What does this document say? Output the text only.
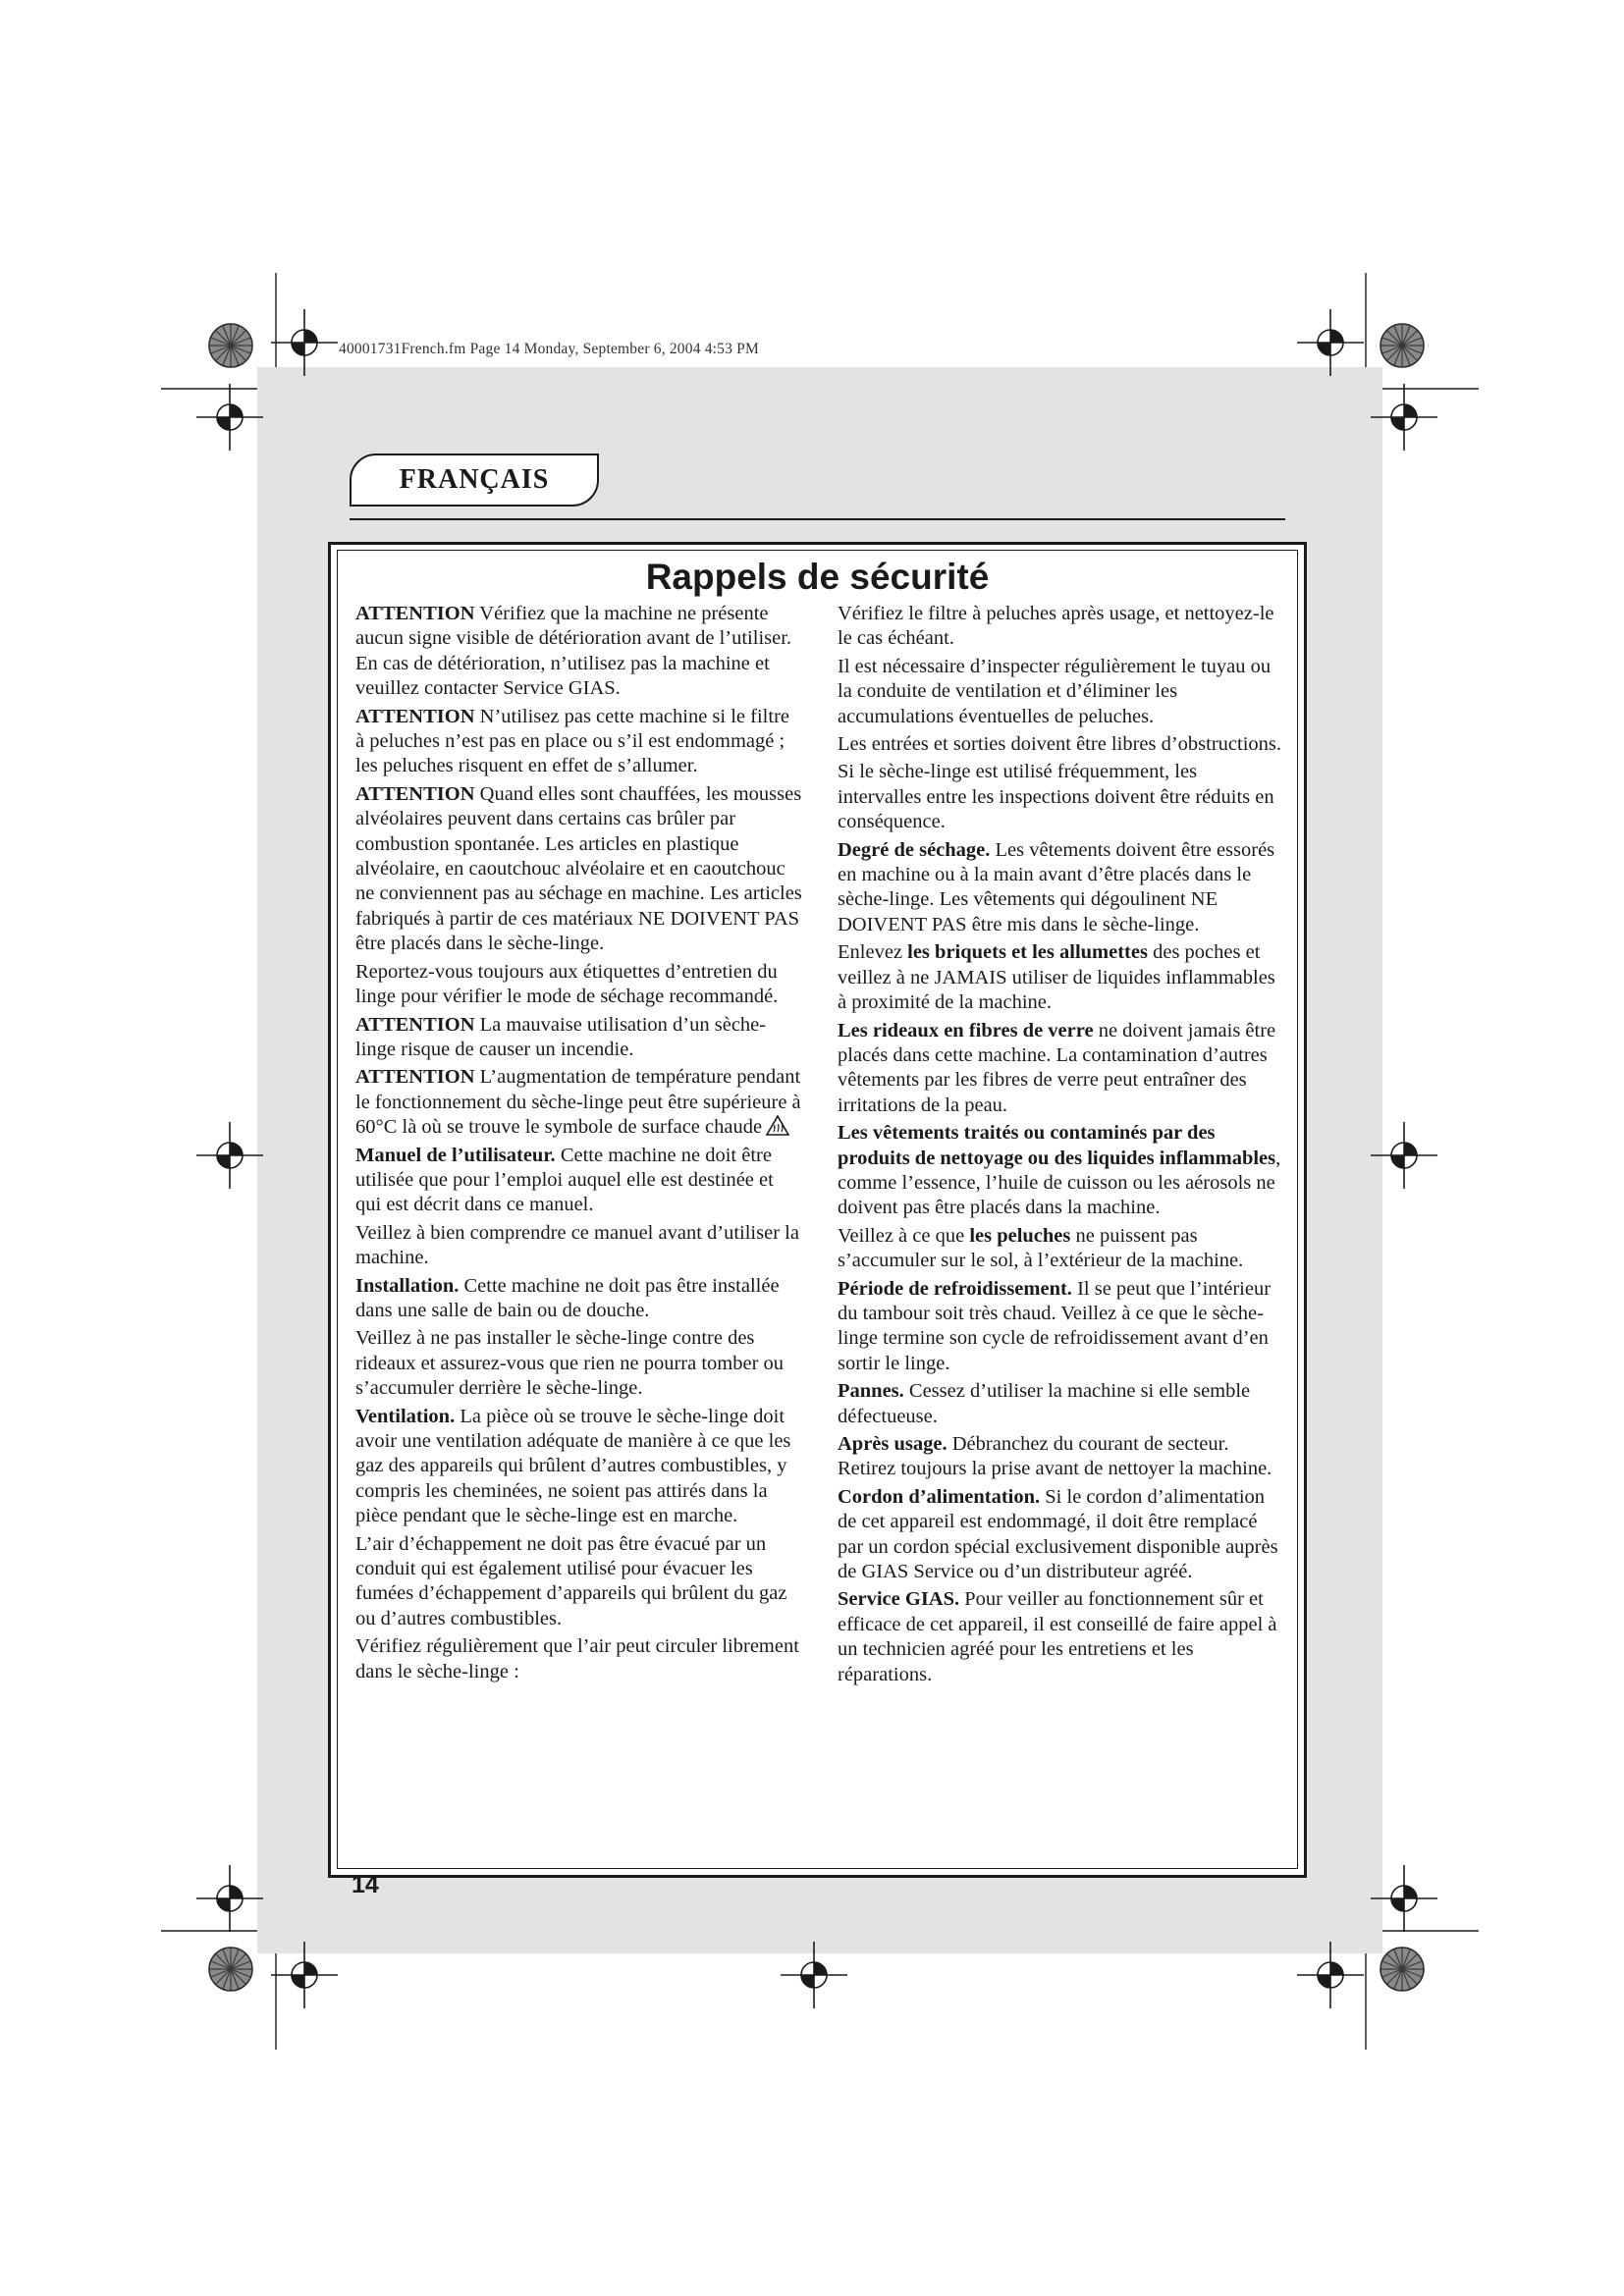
40001731French.fm Page 14 Monday, September 6, 2004 4:53 PM
FRANÇAIS
Rappels de sécurité

ATTENTION Vérifiez que la machine ne présente aucun signe visible de détérioration avant de l’utiliser. En cas de détérioration, n’utilisez pas la machine et veuillez contacter Service GIAS.

ATTENTION N’utilisez pas cette machine si le filtre à peluches n’est pas en place ou s’il est endommagé ; les peluches risquent en effet de s’allumer.

ATTENTION Quand elles sont chauffées, les mousses alvéolaires peuvent dans certains cas brûler par combustion spontanée. Les articles en plastique alvéolaire, en caoutchouc alvéolaire et en caoutchouc ne conviennent pas au séchage en machine. Les articles fabriqués à partir de ces matériaux NE DOIVENT PAS être placés dans le sèche-linge.

Reportez-vous toujours aux étiquettes d’entretien du linge pour vérifier le mode de séchage recommandé.

ATTENTION La mauvaise utilisation d’un sèche-linge risque de causer un incendie.

ATTENTION L’augmentation de température pendant le fonctionnement du sèche-linge peut être supérieure à 60°C là où se trouve le symbole de surface chaude

Manuel de l’utilisateur. Cette machine ne doit être utilisée que pour l’emploi auquel elle est destinée et qui est décrit dans ce manuel.

Veillez à bien comprendre ce manuel avant d’utiliser la machine.

Installation. Cette machine ne doit pas être installée dans une salle de bain ou de douche.

Veillez à ne pas installer le sèche-linge contre des rideaux et assurez-vous que rien ne pourra tomber ou s’accumuler derrière le sèche-linge.

Ventilation. La pièce où se trouve le sèche-linge doit avoir une ventilation adéquate de manière à ce que les gaz des appareils qui brûlent d’autres combustibles, y compris les cheminées, ne soient pas attirés dans la pièce pendant que le sèche-linge est en marche.

L’air d’échappement ne doit pas être évacué par un conduit qui est également utilisé pour évacuer les fumées d’échappement d’appareils qui brûlent du gaz ou d’autres combustibles.

Vérifiez régulièrement que l’air peut circuler librement dans le sèche-linge :

Vérifiez le filtre à peluches après usage, et nettoyez-le le cas échéant.

Il est nécessaire d’inspecter régulièrement le tuyau ou la conduite de ventilation et d’éliminer les accumulations éventuelles de peluches.

Les entrées et sorties doivent être libres d’obstructions.

Si le sèche-linge est utilisé fréquemment, les intervalles entre les inspections doivent être réduits en conséquence.

Degré de séchage. Les vêtements doivent être essorés en machine ou à la main avant d’être placés dans le sèche-linge. Les vêtements qui dégoulinent NE DOIVENT PAS être mis dans le sèche-linge.

Enlevez les briquets et les allumettes des poches et veillez à ne JAMAIS utiliser de liquides inflammables à proximité de la machine.

Les rideaux en fibres de verre ne doivent jamais être placés dans cette machine. La contamination d’autres vêtements par les fibres de verre peut entraîner des irritations de la peau.

Les vêtements traités ou contaminés par des produits de nettoyage ou des liquides inflammables, comme l’essence, l’huile de cuisson ou les aérosols ne doivent pas être placés dans la machine.

Veillez à ce que les peluches ne puissent pas s’accumuler sur le sol, à l’extérieur de la machine.

Période de refroidissement. Il se peut que l’intérieur du tambour soit très chaud. Veillez à ce que le sèche-linge termine son cycle de refroidissement avant d’en sortir le linge.

Pannes. Cessez d’utiliser la machine si elle semble défectueuse.

Après usage. Débranchez du courant de secteur. Retirez toujours la prise avant de nettoyer la machine.

Cordon d’alimentation. Si le cordon d’alimentation de cet appareil est endommagé, il doit être remplacé par un cordon spécial exclusivement disponible auprès de GIAS Service ou d’un distributeur agréé.

Service GIAS. Pour veiller au fonctionnement sûr et efficace de cet appareil, il est conseillé de faire appel à un technicien agréé pour les entretiens et les réparations.

14
